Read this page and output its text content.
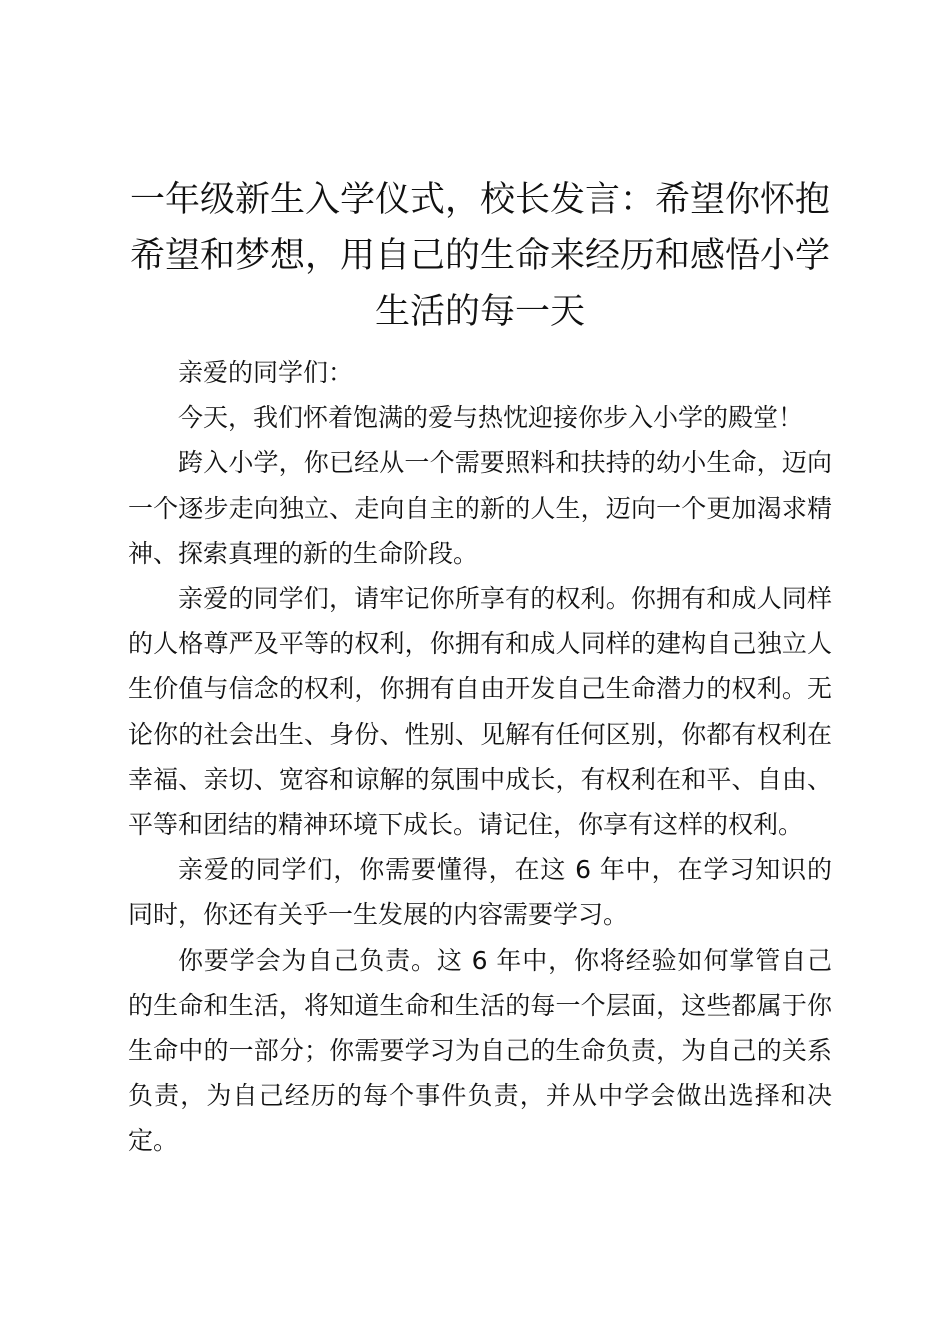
一年级新生入学仪式，校长发言：希望你怀抱希望和梦想，用自己的生命来经历和感悟小学生活的每一天

亲爱的同学们：

今天，我们怀着饱满的爱与热忱迎接你步入小学的殿堂！

跨入小学，你已经从一个需要照料和扶持的幼小生命，迈向一个逐步走向独立、走向自主的新的人生，迈向一个更加渴求精神、探索真理的新的生命阶段。

亲爱的同学们，请牢记你所享有的权利。你拥有和成人同样的人格尊严及平等的权利，你拥有和成人同样的建构自己独立人生价值与信念的权利，你拥有自由开发自己生命潜力的权利。无论你的社会出生、身份、性别、见解有任何区别，你都有权利在幸福、亲切、宽容和谅解的氛围中成长，有权利在和平、自由、平等和团结的精神环境下成长。请记住，你享有这样的权利。

亲爱的同学们，你需要懂得，在这 6 年中，在学习知识的同时，你还有关乎一生发展的内容需要学习。

你要学会为自己负责。这 6 年中，你将经验如何掌管自己的生命和生活，将知道生命和生活的每一个层面，这些都属于你生命中的一部分；你需要学习为自己的生命负责，为自己的关系负责，为自己经历的每个事件负责，并从中学会做出选择和决定。
